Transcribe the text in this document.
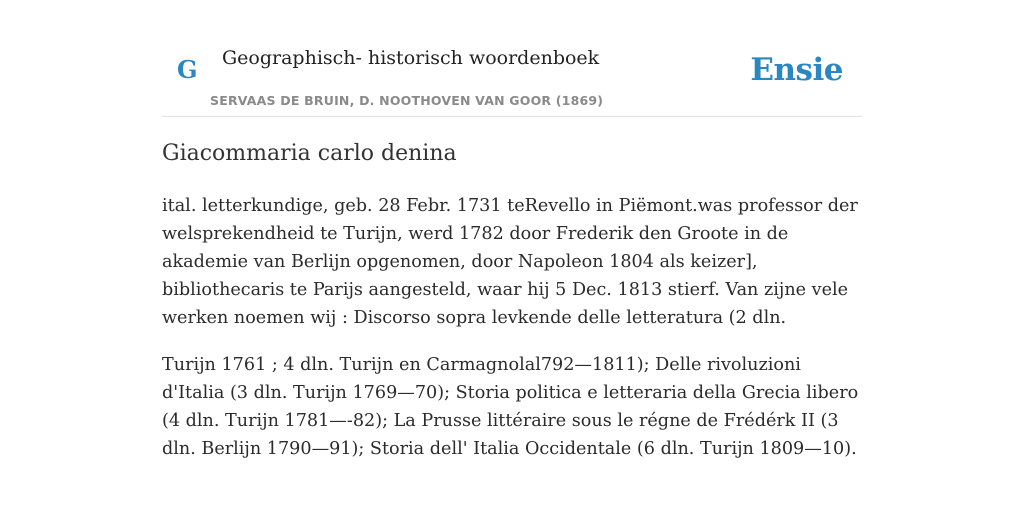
G Geographisch- historisch woordenboek
SERVAAS DE BRUIN, D. NOOTHOVEN VAN GOOR (1869)
Ensie
Giacommaria carlo denina

ital. letterkundige, geb. 28 Febr. 1731 teRevello in Piëmont.was professor der welsprekendheid te Turijn, werd 1782 door Frederik den Groote in de akademie van Berlijn opgenomen, door Napoleon 1804 als keizer], bibliothecaris te Parijs aangesteld, waar hij 5 Dec. 1813 stierf. Van zijne vele werken noemen wij : Discorso sopra levkende delle letteratura (2 dln.

Turijn 1761 ; 4 dln. Turijn en Carmagnolal792—1811); Delle rivoluzioni d'Italia (3 dln. Turijn 1769—70); Storia politica e letteraria della Grecia libero (4 dln. Turijn 1781—-82); La Prusse littéraire sous le régne de Frédérk II (3 dln. Berlijn 1790—91); Storia dell' Italia Occidentale (6 dln. Turijn 1809—10).
